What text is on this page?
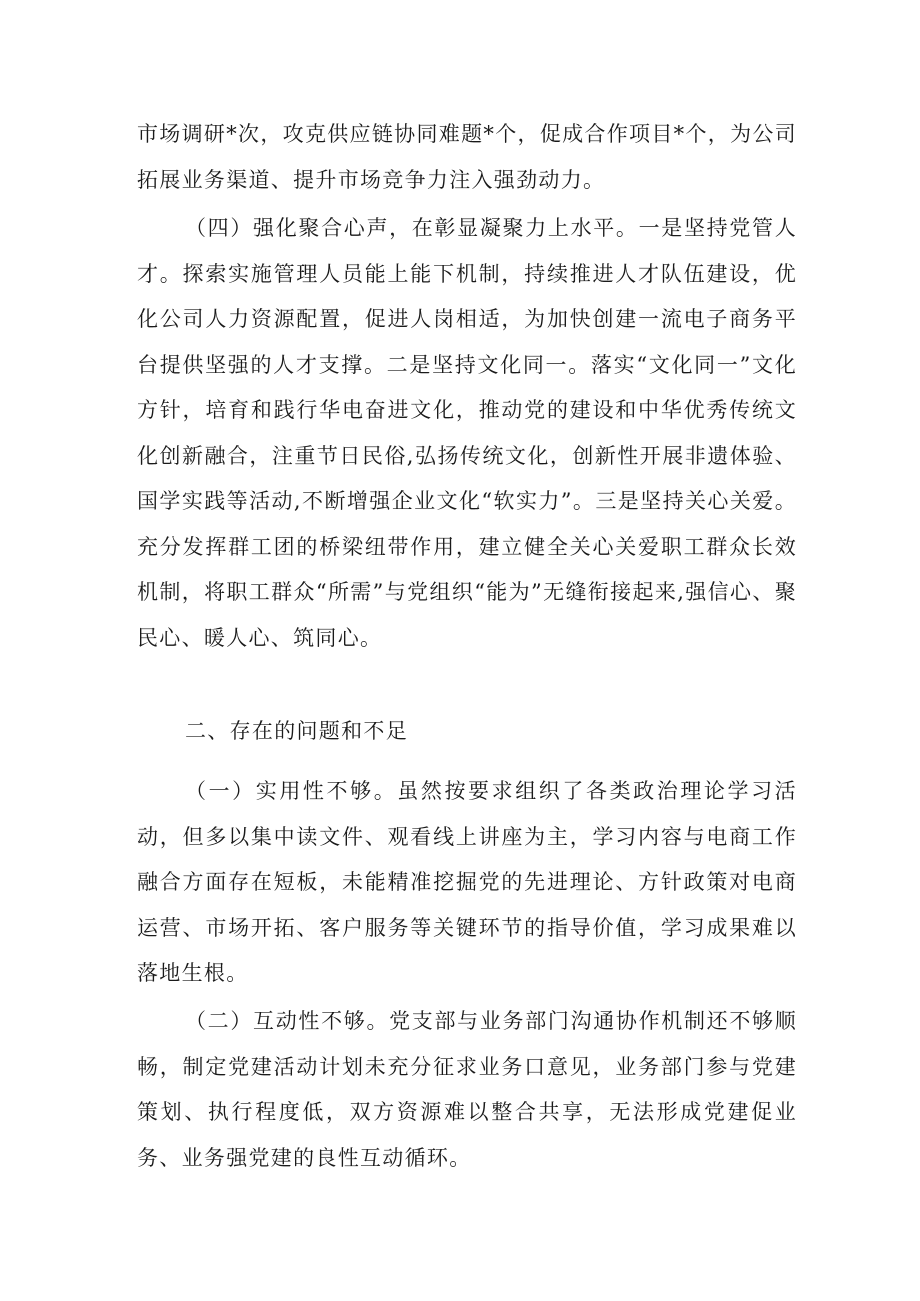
市场调研*次，攻克供应链协同难题*个，促成合作项目*个，为公司拓展业务渠道、提升市场竞争力注入强劲动力。

（四）强化聚合心声，在彰显凝聚力上水平。一是坚持党管人才。探索实施管理人员能上能下机制，持续推进人才队伍建设，优化公司人力资源配置，促进人岗相适，为加快创建一流电子商务平台提供坚强的人才支撑。二是坚持文化同一。落实“文化同一”文化方针，培育和践行华电奋进文化，推动党的建设和中华优秀传统文化创新融合，注重节日民俗,弘扬传统文化，创新性开展非遗体验、国学实践等活动,不断增强企业文化“软实力”。三是坚持关心关爱。充分发挥群工团的桥梁纽带作用，建立健全关心关爱职工群众长效机制，将职工群众“所需”与党组织“能为”无缝衔接起来,强信心、聚民心、暖人心、筑同心。

二、存在的问题和不足

（一）实用性不够。虽然按要求组织了各类政治理论学习活动，但多以集中读文件、观看线上讲座为主，学习内容与电商工作融合方面存在短板，未能精准挖掘党的先进理论、方针政策对电商运营、市场开拓、客户服务等关键环节的指导价值，学习成果难以落地生根。

（二）互动性不够。党支部与业务部门沟通协作机制还不够顺畅，制定党建活动计划未充分征求业务口意见，业务部门参与党建策划、执行程度低，双方资源难以整合共享，无法形成党建促业务、业务强党建的良性互动循环。
